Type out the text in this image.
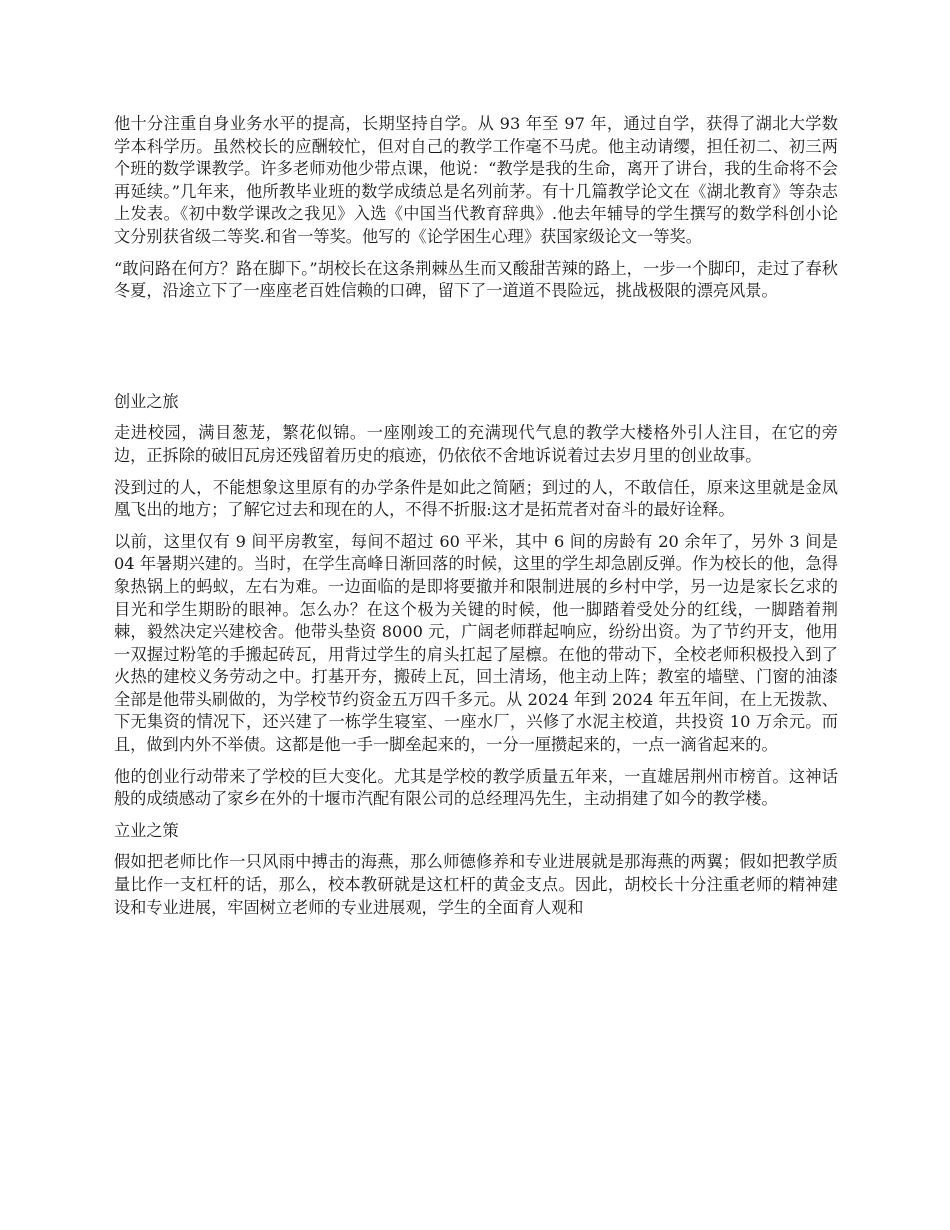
他十分注重自身业务水平的提高，长期坚持自学。从 93 年至 97 年，通过自学，获得了湖北大学数学本科学历。虽然校长的应酬较忙，但对自己的教学工作毫不马虎。他主动请缨，担任初二、初三两个班的数学课教学。许多老师劝他少带点课，他说：“教学是我的生命，离开了讲台，我的生命将不会再延续。”几年来，他所教毕业班的数学成绩总是名列前茅。有十几篇教学论文在《湖北教育》等杂志上发表。《初中数学课改之我见》入选《中国当代教育辞典》.他去年辅导的学生撰写的数学科创小论文分别获省级二等奖.和省一等奖。他写的《论学困生心理》获国家级论文一等奖。

“敢问路在何方？路在脚下。”胡校长在这条荆棘丛生而又酸甜苦辣的路上，一步一个脚印，走过了春秋冬夏，沿途立下了一座座老百姓信赖的口碑，留下了一道道不畏险远，挑战极限的漂亮风景。

创业之旅

走进校园，满目葱茏，繁花似锦。一座刚竣工的充满现代气息的教学大楼格外引人注目，在它的旁边，正拆除的破旧瓦房还残留着历史的痕迹，仍依依不舍地诉说着过去岁月里的创业故事。

没到过的人，不能想象这里原有的办学条件是如此之简陋；到过的人，不敢信任，原来这里就是金凤凰飞出的地方；了解它过去和现在的人，不得不折服:这才是拓荒者对奋斗的最好诠释。

以前，这里仅有 9 间平房教室，每间不超过 60 平米，其中 6 间的房龄有 20 余年了，另外 3 间是 04 年暑期兴建的。当时，在学生高峰日渐回落的时候，这里的学生却急剧反弹。作为校长的他，急得象热锅上的蚂蚁，左右为难。一边面临的是即将要撤并和限制进展的乡村中学，另一边是家长乞求的目光和学生期盼的眼神。怎么办？在这个极为关键的时候，他一脚踏着受处分的红线，一脚踏着荆棘，毅然决定兴建校舍。他带头垫资 8000 元，广阔老师群起响应，纷纷出资。为了节约开支，他用一双握过粉笔的手搬起砖瓦，用背过学生的肩头扛起了屋檩。在他的带动下，全校老师积极投入到了火热的建校义务劳动之中。打基开夯，搬砖上瓦，回土清场，他主动上阵；教室的墙壁、门窗的油漆全部是他带头刷做的，为学校节约资金五万四千多元。从 2024 年到 2024 年五年间，在上无拨款、下无集资的情况下，还兴建了一栋学生寝室、一座水厂，兴修了水泥主校道，共投资 10 万余元。而且，做到内外不举债。这都是他一手一脚垒起来的，一分一厘攒起来的，一点一滴省起来的。

他的创业行动带来了学校的巨大变化。尤其是学校的教学质量五年来，一直雄居荆州市榜首。这神话般的成绩感动了家乡在外的十堰市汽配有限公司的总经理冯先生，主动捐建了如今的教学楼。

立业之策

假如把老师比作一只风雨中搏击的海燕，那么师德修养和专业进展就是那海燕的两翼；假如把教学质量比作一支杠杆的话，那么，校本教研就是这杠杆的黄金支点。因此，胡校长十分注重老师的精神建设和专业进展，牢固树立老师的专业进展观，学生的全面育人观和
